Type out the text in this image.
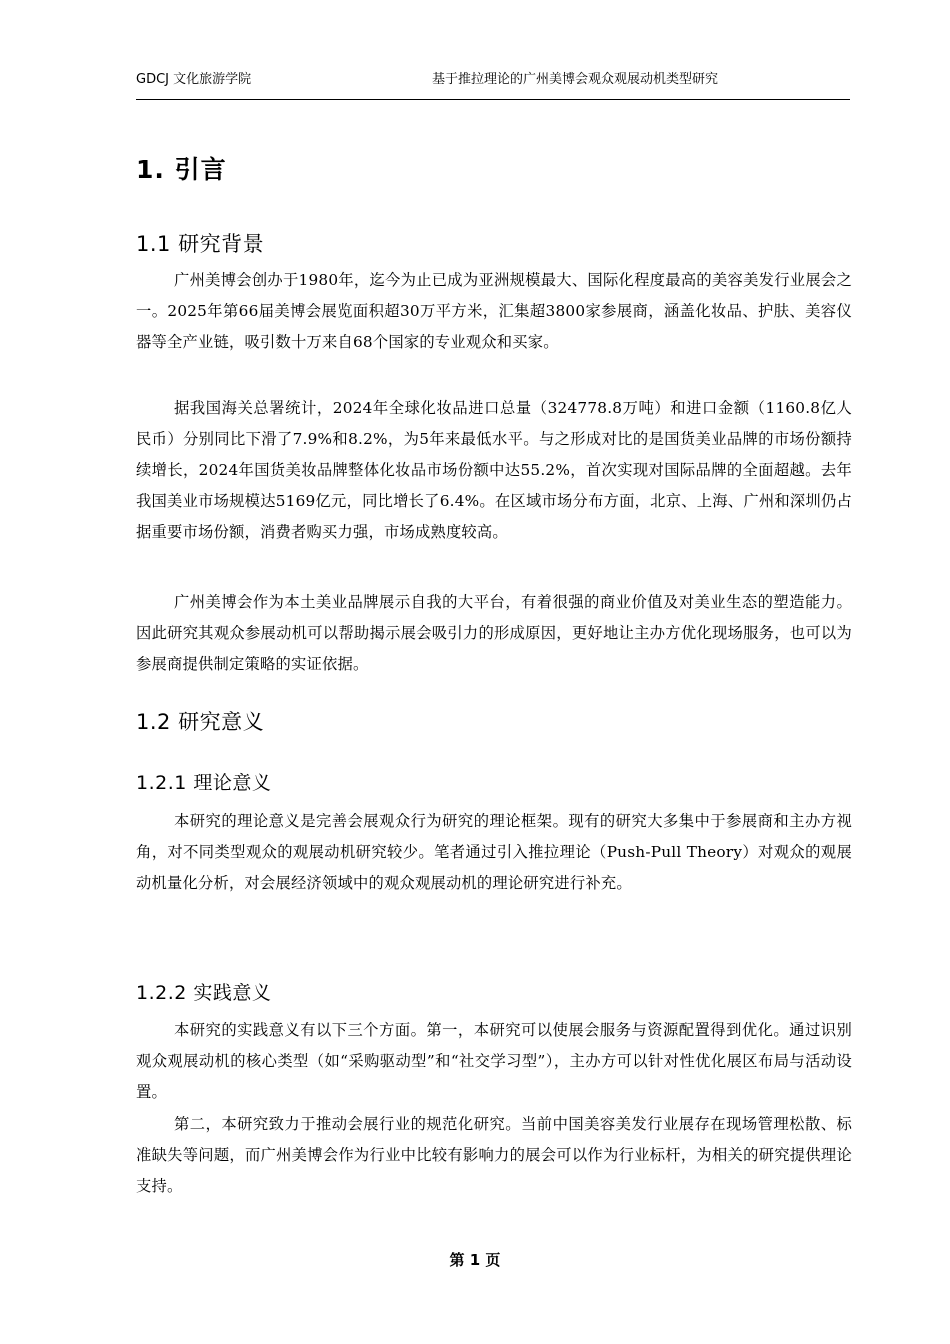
GDCJ 文化旅游学院	基于推拉理论的广州美博会观众观展动机类型研究
1. 引言
1.1 研究背景
广州美博会创办于1980年，迄今为止已成为亚洲规模最大、国际化程度最高的美容美发行业展会之一。2025年第66届美博会展览面积超30万平方米，汇集超3800家参展商，涵盖化妆品、护肤、美容仪器等全产业链，吸引数十万来自68个国家的专业观众和买家。
据我国海关总署统计，2024年全球化妆品进口总量（324778.8万吨）和进口金额（1160.8亿人民币）分别同比下滑了7.9%和8.2%，为5年来最低水平。与之形成对比的是国货美业品牌的市场份额持续增长，2024年国货美妆品牌整体化妆品市场份额中达55.2%，首次实现对国际品牌的全面超越。去年我国美业市场规模达5169亿元，同比增长了6.4%。在区域市场分布方面，北京、上海、广州和深圳仍占据重要市场份额，消费者购买力强，市场成熟度较高。
广州美博会作为本土美业品牌展示自我的大平台，有着很强的商业价值及对美业生态的塑造能力。因此研究其观众参展动机可以帮助揭示展会吸引力的形成原因，更好地让主办方优化现场服务，也可以为参展商提供制定策略的实证依据。
1.2 研究意义
1.2.1 理论意义
本研究的理论意义是完善会展观众行为研究的理论框架。现有的研究大多集中于参展商和主办方视角，对不同类型观众的观展动机研究较少。笔者通过引入推拉理论（Push-Pull Theory）对观众的观展动机量化分析，对会展经济领域中的观众观展动机的理论研究进行补充。
1.2.2 实践意义
本研究的实践意义有以下三个方面。第一，本研究可以使展会服务与资源配置得到优化。通过识别观众观展动机的核心类型（如“采购驱动型”和“社交学习型”），主办方可以针对性优化展区布局与活动设置。
第二，本研究致力于推动会展行业的规范化研究。当前中国美容美发行业展存在现场管理松散、标准缺失等问题，而广州美博会作为行业中比较有影响力的展会可以作为行业标杆，为相关的研究提供理论支持。
第 1 页
